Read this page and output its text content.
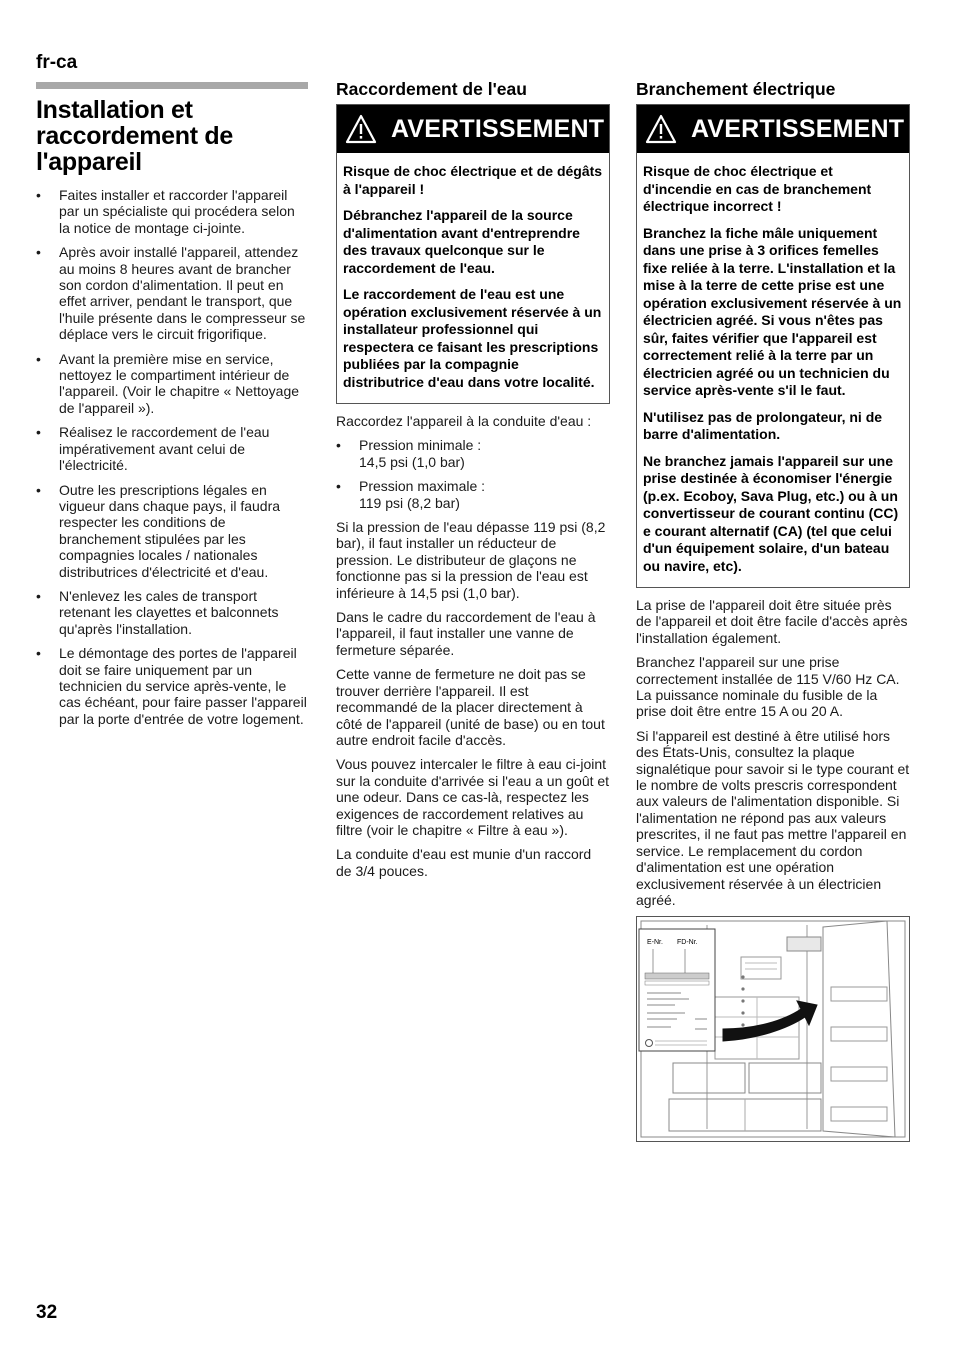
fr-ca
Installation et raccordement de l'appareil
• Faites installer et raccorder l'appareil par un spécialiste qui procédera selon la notice de montage ci-jointe.
• Après avoir installé l'appareil, attendez au moins 8 heures avant de brancher son cordon d'alimentation. Il peut en effet arriver, pendant le transport, que l'huile présente dans le compresseur se déplace vers le circuit frigorifique.
• Avant la première mise en service, nettoyez le compartiment intérieur de l'appareil. (Voir le chapitre « Nettoyage de l'appareil »).
• Réalisez le raccordement de l'eau impérativement avant celui de l'électricité.
• Outre les prescriptions légales en vigueur dans chaque pays, il faudra respecter les conditions de branchement stipulées par les compagnies locales / nationales distributrices d'électricité et d'eau.
• N'enlevez les cales de transport retenant les clayettes et balconnets qu'après l'installation.
• Le démontage des portes de l'appareil doit se faire uniquement par un technicien du service après-vente, le cas échéant, pour faire passer l'appareil par la porte d'entrée de votre logement.
Raccordement de l'eau
AVERTISSEMENT

Risque de choc électrique et de dégâts à l'appareil !

Débranchez l'appareil de la source d'alimentation avant d'entreprendre des travaux quelconque sur le raccordement de l'eau.

Le raccordement de l'eau est une opération exclusivement réservée à un installateur professionnel qui respectera ce faisant les prescriptions publiées par la compagnie distributrice d'eau dans votre localité.

Raccordez l'appareil à la conduite d'eau :

• Pression minimale :
14,5 psi (1,0 bar)
• Pression maximale :
119 psi (8,2 bar)

Si la pression de l'eau dépasse 119 psi (8,2 bar), il faut installer un réducteur de pression. Le distributeur de glaçons ne fonctionne pas si la pression de l'eau est inférieure à 14,5 psi (1,0 bar).

Dans le cadre du raccordement de l'eau à l'appareil, il faut installer une vanne de fermeture séparée.

Cette vanne de fermeture ne doit pas se trouver derrière l'appareil. Il est recommandé de la placer directement à côté de l'appareil (unité de base) ou en tout autre endroit facile d'accès.

Vous pouvez intercaler le filtre à eau ci-joint sur la conduite d'arrivée si l'eau a un goût et une odeur. Dans ce cas-là, respectez les exigences de raccordement relatives au filtre (voir le chapitre « Filtre à eau »).

La conduite d'eau est munie d'un raccord de 3/4 pouces.

Branchement électrique
AVERTISSEMENT

Risque de choc électrique et d'incendie en cas de branchement électrique incorrect !

Branchez la fiche mâle uniquement dans une prise à 3 orifices femelles fixe reliée à la terre. L'installation et la mise à la terre de cette prise est une opération exclusivement réservée à un électricien agréé. Si vous n'êtes pas sûr, faites vérifier que l'appareil est correctement relié à la terre par un électricien agréé ou un technicien du service après-vente s'il le faut.

N'utilisez pas de prolongateur, ni de barre d'alimentation.

Ne branchez jamais l'appareil sur une prise destinée à économiser l'énergie (p.ex. Ecoboy, Sava Plug, etc.) ou à un convertisseur de courant continu (CC) e courant alternatif (CA) (tel que celui d'un équipement solaire, d'un bateau ou navire, etc).

La prise de l'appareil doit être située près de l'appareil et doit être facile d'accès après l'installation également.

Branchez l'appareil sur une prise correctement installée de 115 V/60 Hz CA. La puissance nominale du fusible de la prise doit être entre 15 A ou 20 A.

Si l'appareil est destiné à être utilisé hors des États-Unis, consultez la plaque signalétique pour savoir si le type courant et le nombre de volts prescris correspondent aux valeurs de l'alimentation disponible. Si l'alimentation ne répond pas aux valeurs prescrites, il ne faut pas mettre l'appareil en service. Le remplacement du cordon d'alimentation est une opération exclusivement réservée à un électricien agréé.

E-Nr. FD-Nr.
32
